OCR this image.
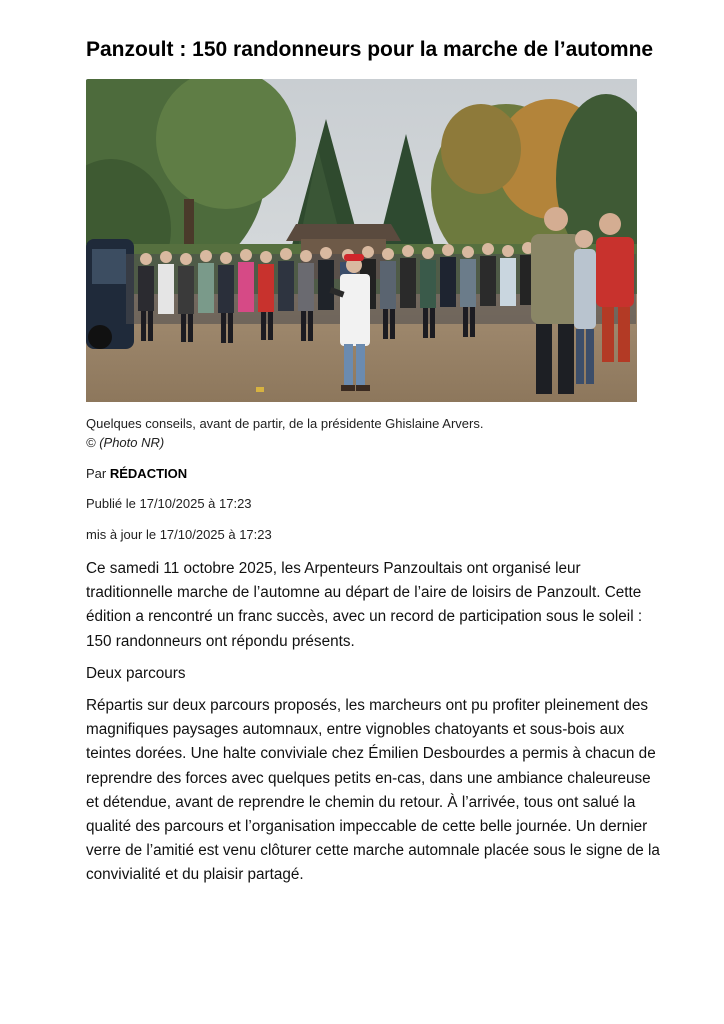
Panzoult : 150 randonneurs pour la marche de l’automne
Quelques conseils, avant de partir, de la présidente Ghislaine Arvers.
© (Photo NR)
Par RÉDACTION
Publié le 17/10/2025 à 17:23
mis à jour le 17/10/2025 à 17:23

Ce samedi 11 octobre 2025, les Arpenteurs Panzoultais ont organisé leur traditionnelle marche de l’automne au départ de l’aire de loisirs de Panzoult. Cette édition a rencontré un franc succès, avec un record de participation sous le soleil : 150 randonneurs ont répondu présents.

Deux parcours

Répartis sur deux parcours proposés, les marcheurs ont pu profiter pleinement des magnifiques paysages automnaux, entre vignobles chatoyants et sous-bois aux teintes dorées. Une halte conviviale chez Émilien Desbourdes a permis à chacun de reprendre des forces avec quelques petits en-cas, dans une ambiance chaleureuse et détendue, avant de reprendre le chemin du retour. À l’arrivée, tous ont salué la qualité des parcours et l’organisation impeccable de cette belle journée. Un dernier verre de l’amitié est venu clôturer cette marche automnale placée sous le signe de la convivialité et du plaisir partagé.
